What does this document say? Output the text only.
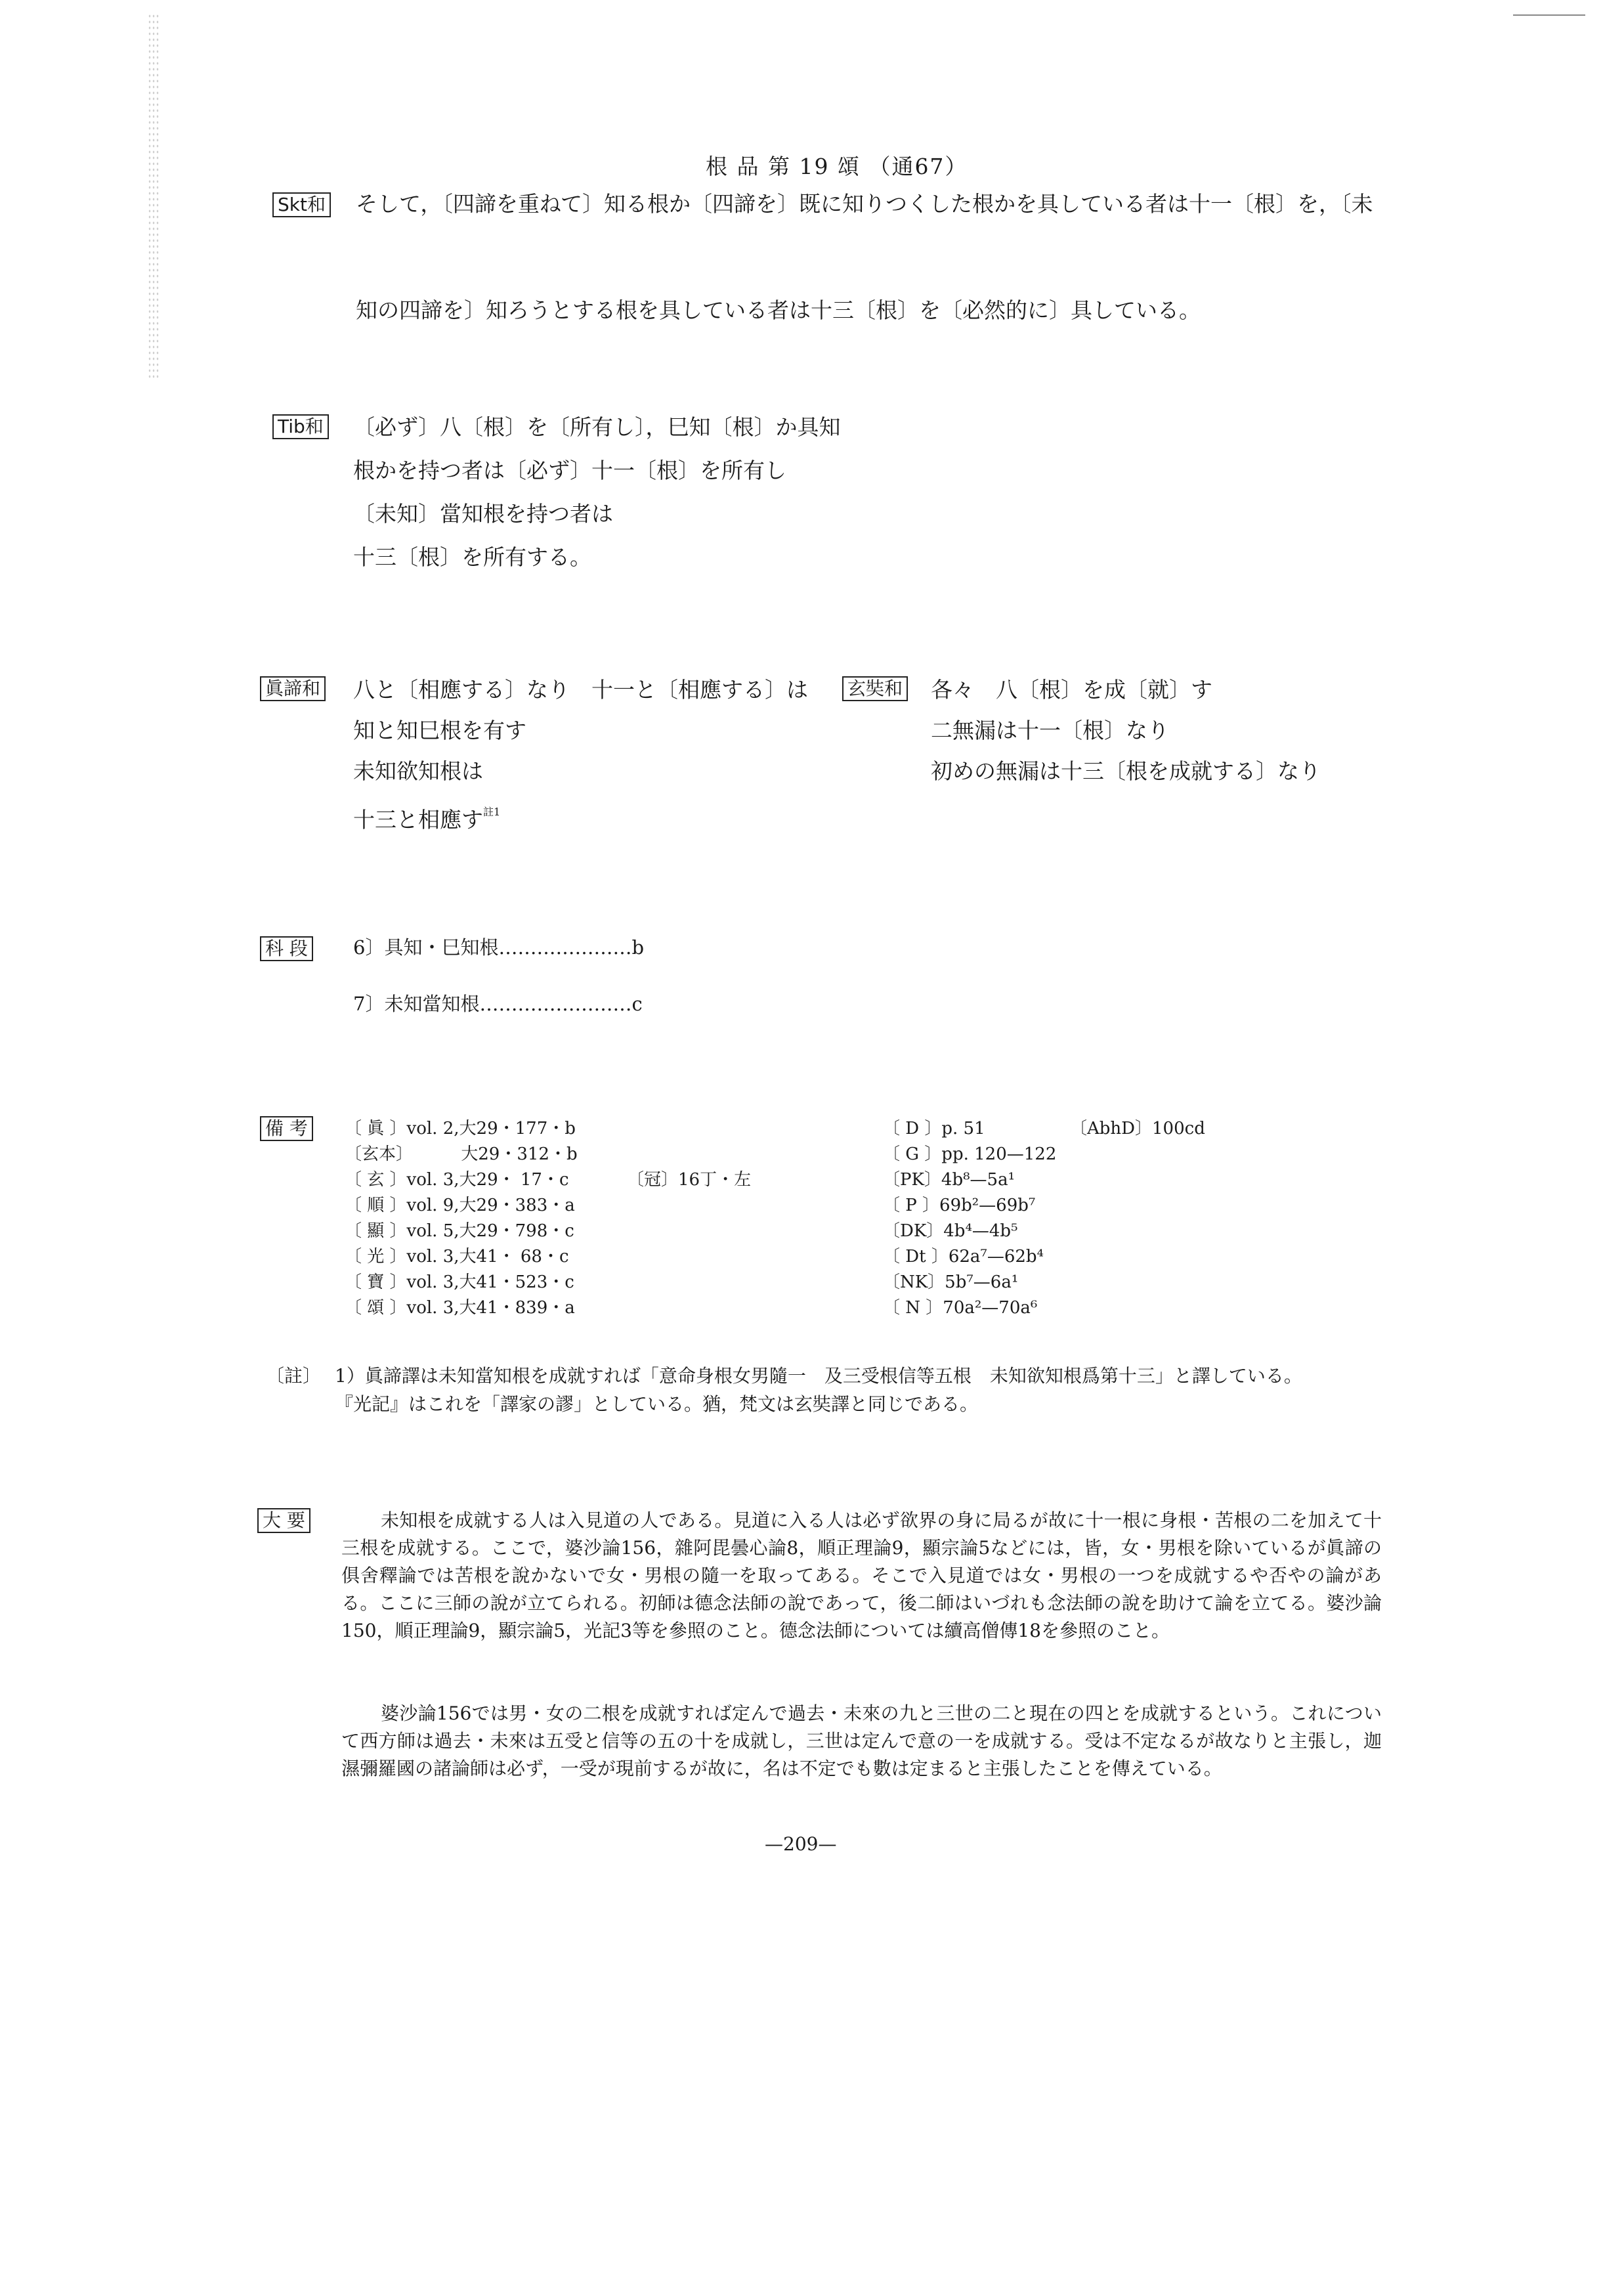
根 品 第 19 頌 （通67）
Skt和 そして，〔四諦を重ねて〕知る根か〔四諦を〕既に知りつくした根かを具している者は十一〔根〕を，〔未
知の四諦を〕知ろうとする根を具している者は十三〔根〕を〔必然的に〕具している。
Tib和 〔必ず〕八〔根〕を〔所有し〕，巳知〔根〕か具知
根かを持つ者は〔必ず〕十一〔根〕を所有し
〔未知〕當知根を持つ者は
十三〔根〕を所有する。
眞諦和 八と〔相應する〕なり　十一と〔相應する〕は
知と知巳根を有す
未知欲知根は
十三と相應す$^{註1}$
玄奘和 各々　八〔根〕を成〔就〕す
二無漏は十一〔根〕なり
初めの無漏は十三〔根を成就する〕なり
科 段 6〕具知・巳知根…………………b
7〕未知當知根……………………c
備 考	〔 眞 〕vol. 2,大29・177・b
〔玄本〕　　　 大29・312・b
〔 玄 〕vol. 3,大29・ 17・c
〔 順 〕vol. 9,大29・383・a
〔 顯 〕vol. 5,大29・798・c
〔 光 〕vol. 3,大41・ 68・c
〔 寶 〕vol. 3,大41・523・c
〔 頌 〕vol. 3,大41・839・a
〔冠〕16丁・左
〔 D 〕p. 51
〔 G 〕pp. 120—122
〔PK〕4b⁸—5a¹
〔 P 〕69b²—69b⁷
〔DK〕4b⁴—4b⁵
〔 Dt 〕62a⁷—62b⁴
〔NK〕5b⁷—6a¹
〔 N 〕70a²—70a⁶
〔AbhD〕100cd
〔註〕 1）眞諦譯は未知當知根を成就すれば「意命身根女男隨一　及三受根信等五根　未知欲知根爲第十三」と譯している。
『光記』はこれを「譯家の謬」としている。猶，梵文は玄奘譯と同じである。
大 要	未知根を成就する人は入見道の人である。見道に入る人は必ず欲界の身に局るが故に十一根に身根・苦根の二を加えて十三根を成就する。ここで，婆沙論156，雜阿毘曇心論8，順正理論9，顯宗論5などには，皆，女・男根を除いているが眞諦の俱舍釋論では苦根を說かないで女・男根の隨一を取ってある。そこで入見道では女・男根の一つを成就するや否やの論がある。ここに三師の說が立てられる。初師は德念法師の說であって，後二師はいづれも念法師の說を助けて論を立てる。婆沙論150，順正理論9，顯宗論5，光記3等を參照のこと。德念法師については續高僧傳18を參照のこと。
婆沙論156では男・女の二根を成就すれば定んで過去・未來の九と三世の二と現在の四とを成就するという。これについて西方師は過去・未來は五受と信等の五の十を成就し，三世は定んで意の一を成就する。受は不定なるが故なりと主張し，迦濕彌羅國の諸論師は必ず，一受が現前するが故に，名は不定でも數は定まると主張したことを傳えている。
—209—
